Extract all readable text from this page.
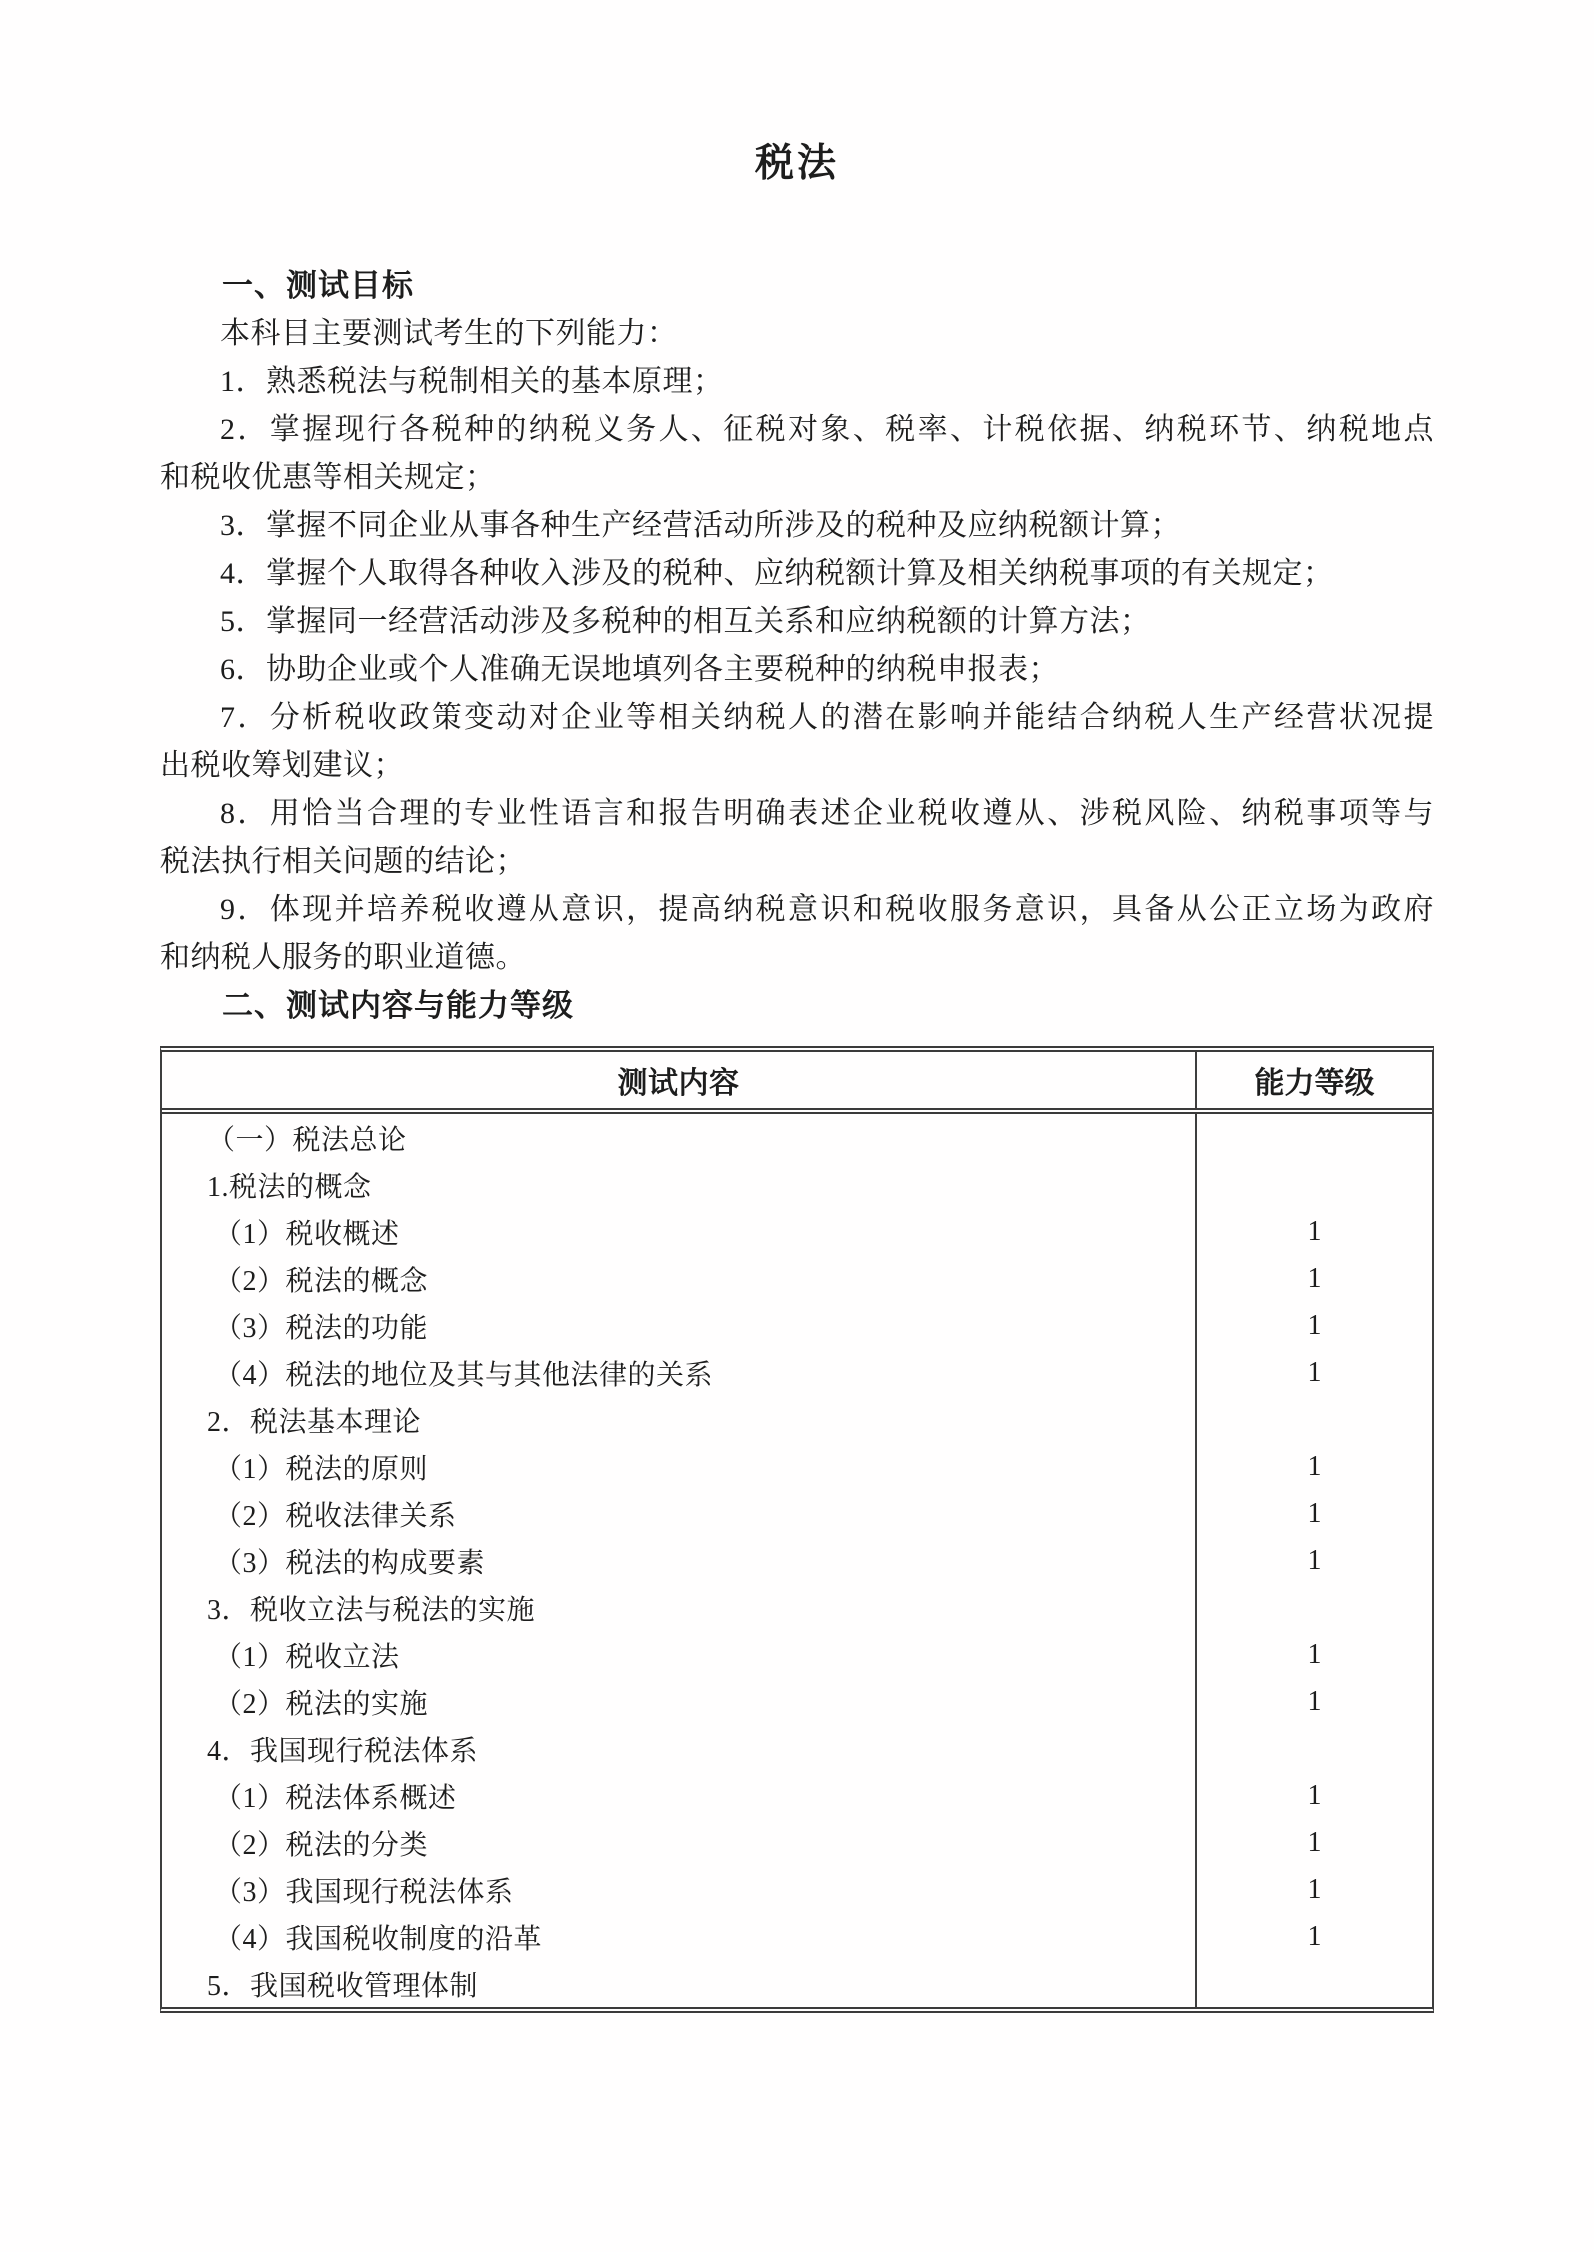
税法
一、测试目标
本科目主要测试考生的下列能力：
1．熟悉税法与税制相关的基本原理；
2．掌握现行各税种的纳税义务人、征税对象、税率、计税依据、纳税环节、纳税地点
和税收优惠等相关规定；
3．掌握不同企业从事各种生产经营活动所涉及的税种及应纳税额计算；
4．掌握个人取得各种收入涉及的税种、应纳税额计算及相关纳税事项的有关规定；
5．掌握同一经营活动涉及多税种的相互关系和应纳税额的计算方法；
6．协助企业或个人准确无误地填列各主要税种的纳税申报表；
7．分析税收政策变动对企业等相关纳税人的潜在影响并能结合纳税人生产经营状况提
出税收筹划建议；
8．用恰当合理的专业性语言和报告明确表述企业税收遵从、涉税风险、纳税事项等与
税法执行相关问题的结论；
9．体现并培养税收遵从意识，提高纳税意识和税收服务意识，具备从公正立场为政府
和纳税人服务的职业道德。
二、测试内容与能力等级
测试内容	能力等级
（一）税法总论
1.税法的概念
（1）税收概述	1
（2）税法的概念	1
（3）税法的功能	1
（4）税法的地位及其与其他法律的关系	1
2．税法基本理论
（1）税法的原则	1
（2）税收法律关系	1
（3）税法的构成要素	1
3．税收立法与税法的实施
（1）税收立法	1
（2）税法的实施	1
4．我国现行税法体系
（1）税法体系概述	1
（2）税法的分类	1
（3）我国现行税法体系	1
（4）我国税收制度的沿革	1
5．我国税收管理体制
